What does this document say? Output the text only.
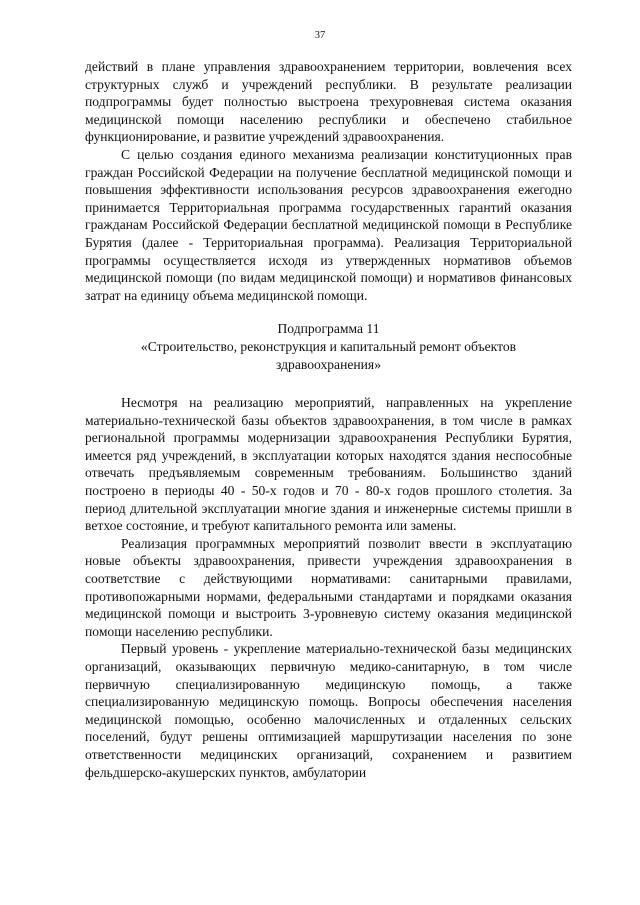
37

действий в плане управления здравоохранением территории, вовлечения всех структурных служб и учреждений республики. В результате реализации подпрограммы будет полностью выстроена трехуровневая система оказания медицинской помощи населению республики и обеспечено стабильное функционирование, и развитие учреждений здравоохранения.

С целью создания единого механизма реализации конституционных прав граждан Российской Федерации на получение бесплатной медицинской помощи и повышения эффективности использования ресурсов здравоохранения ежегодно принимается Территориальная программа государственных гарантий оказания гражданам Российской Федерации бесплатной медицинской помощи в Республике Бурятия (далее - Территориальная программа). Реализация Территориальной программы осуществляется исходя из утвержденных нормативов объемов медицинской помощи (по видам медицинской помощи) и нормативов финансовых затрат на единицу объема медицинской помощи.

Подпрограмма 11
«Строительство, реконструкция и капитальный ремонт объектов
здравоохранения»

Несмотря на реализацию мероприятий, направленных на укрепление материально-технической базы объектов здравоохранения, в том числе в рамках региональной программы модернизации здравоохранения Республики Бурятия, имеется ряд учреждений, в эксплуатации которых находятся здания неспособные отвечать предъявляемым современным требованиям. Большинство зданий построено в периоды 40 - 50-х годов и 70 - 80-х годов прошлого столетия. За период длительной эксплуатации многие здания и инженерные системы пришли в ветхое состояние, и требуют капитального ремонта или замены.

Реализация программных мероприятий позволит ввести в эксплуатацию новые объекты здравоохранения, привести учреждения здравоохранения в соответствие с действующими нормативами: санитарными правилами, противопожарными нормами, федеральными стандартами и порядками оказания медицинской помощи и выстроить 3-уровневую систему оказания медицинской помощи населению республики.

Первый уровень - укрепление материально-технической базы медицинских организаций, оказывающих первичную медико-санитарную, в том числе первичную специализированную медицинскую помощь, а также специализированную медицинскую помощь. Вопросы обеспечения населения медицинской помощью, особенно малочисленных и отдаленных сельских поселений, будут решены оптимизацией маршрутизации населения по зоне ответственности медицинских организаций, сохранением и развитием фельдшерско-акушерских пунктов, амбулатории
